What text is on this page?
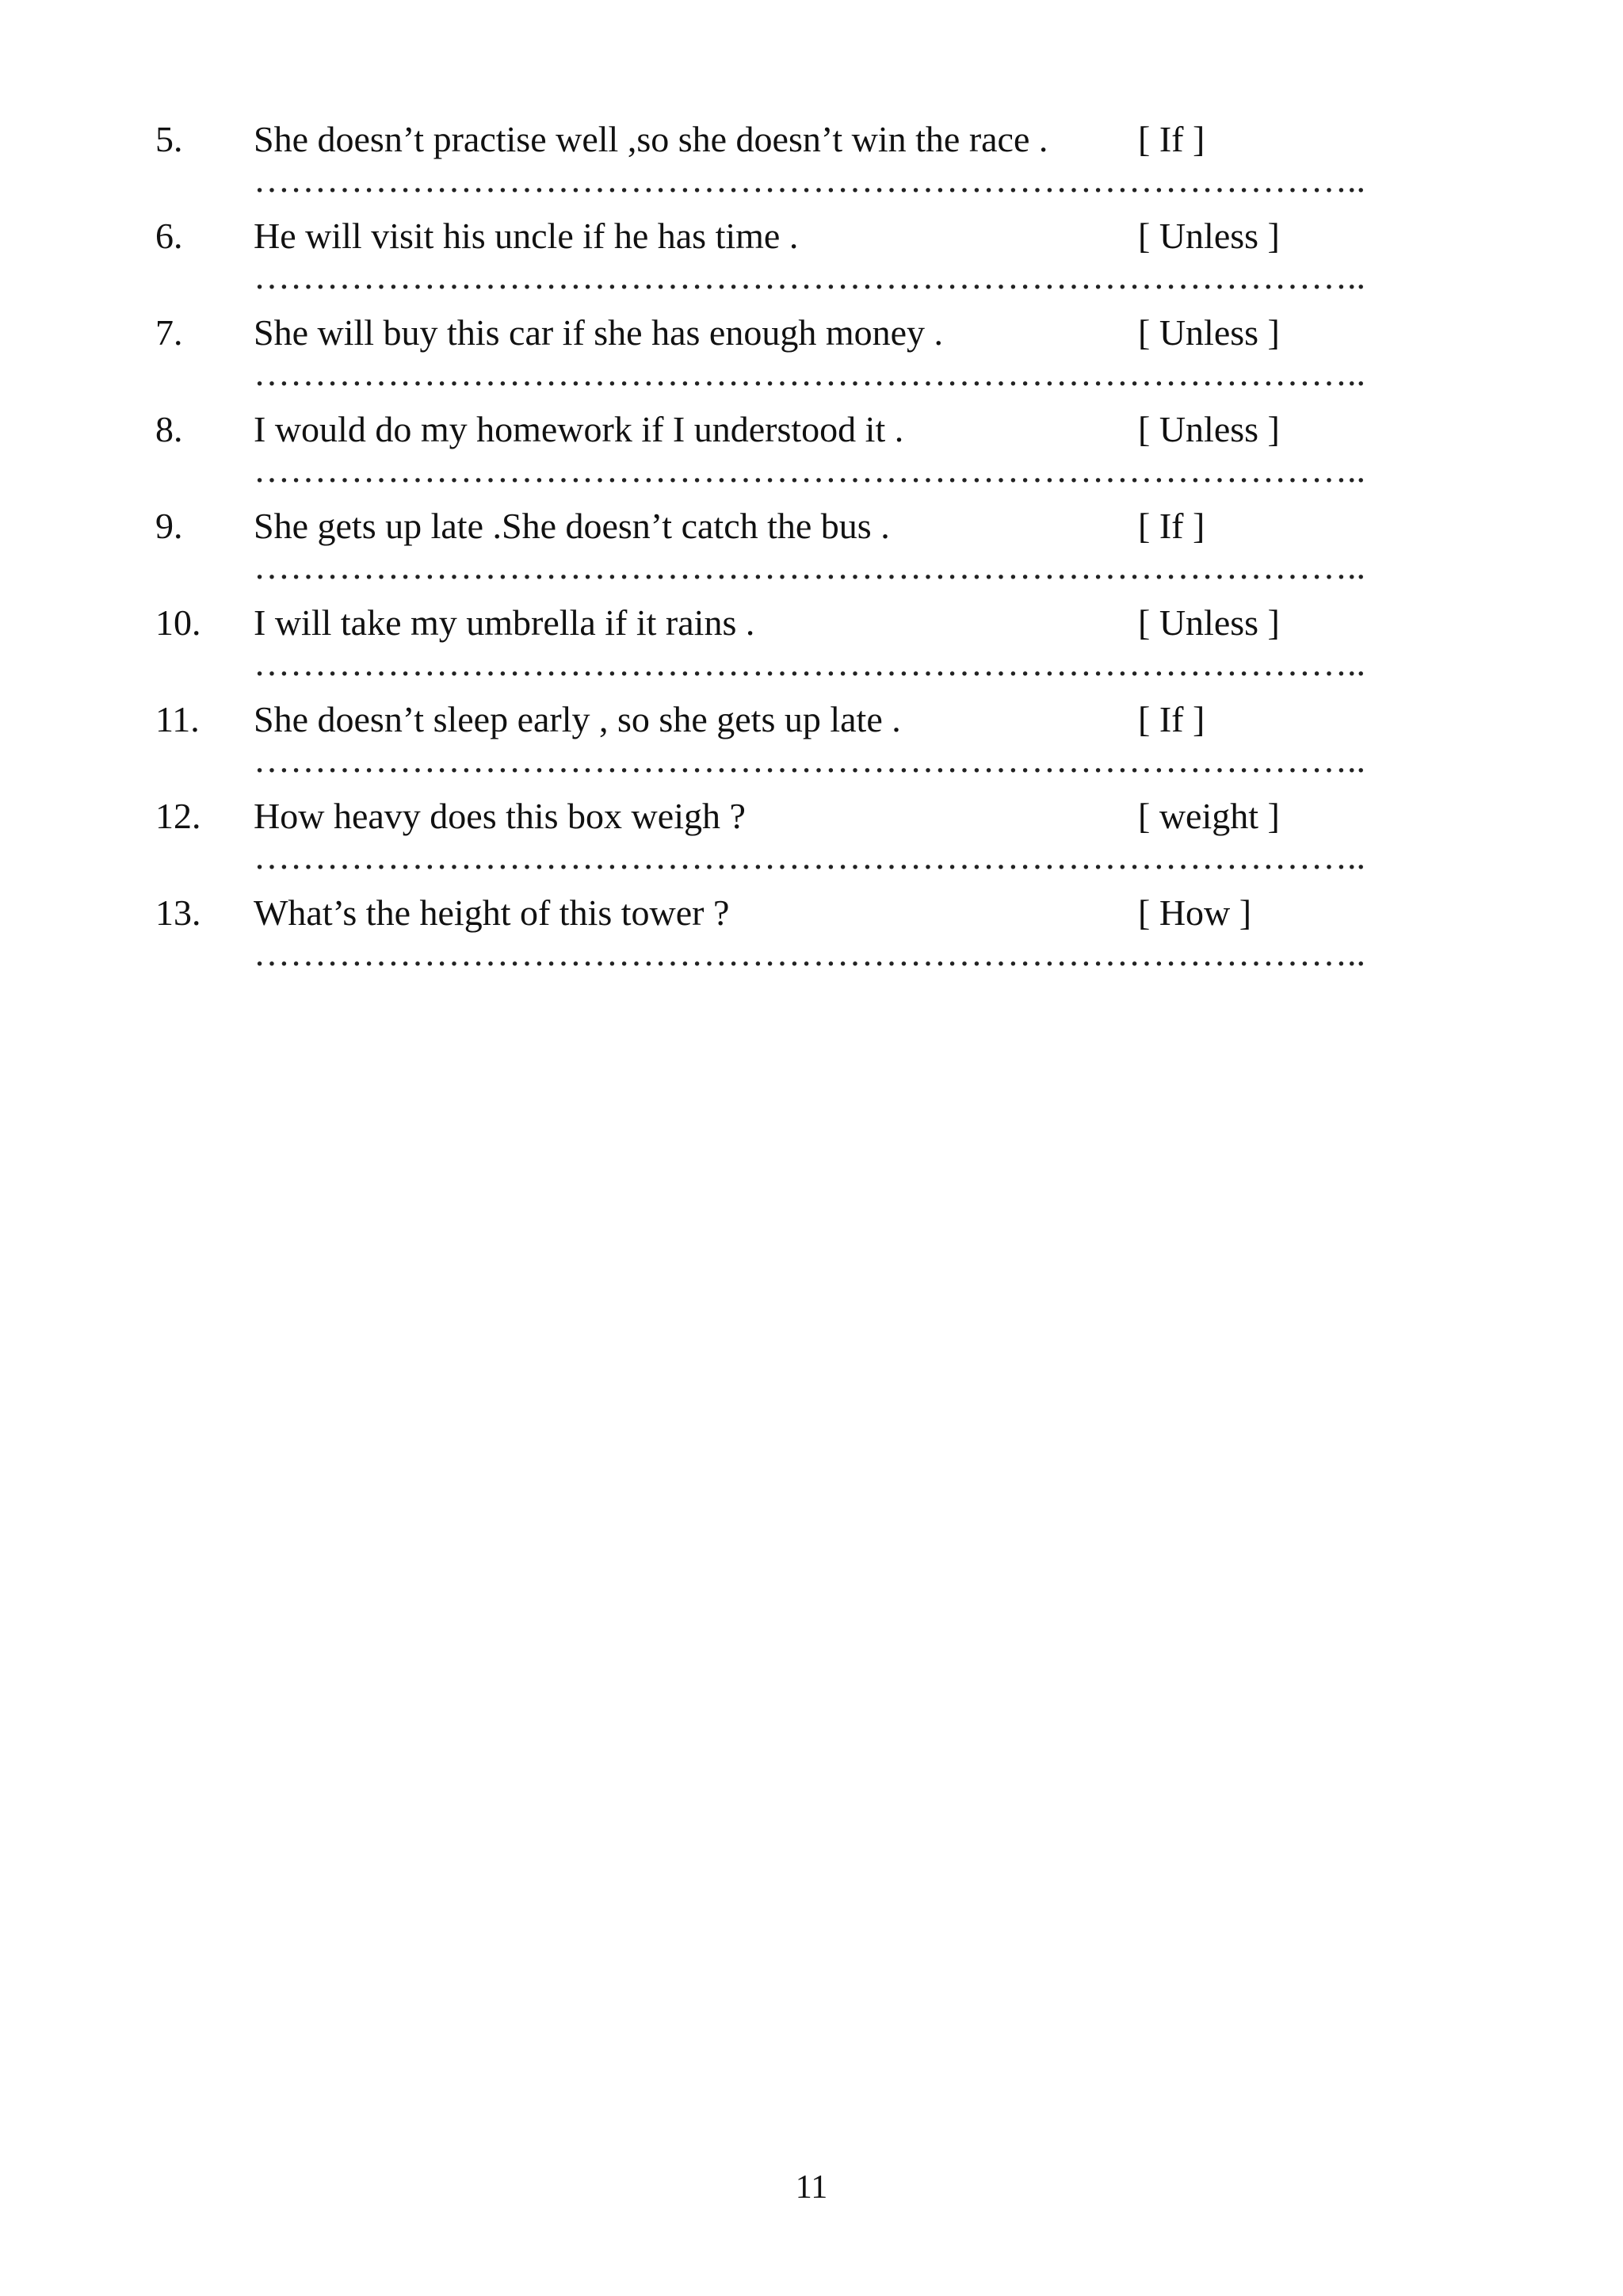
5. She doesn’t practise well ,so she doesn’t win the race . [ If ]
………………………………………………………………………………..
6. He will visit his uncle if he has time .	[ Unless ]
………………………………………………………………………………..
7. She will buy this car if she has enough money .	[ Unless ]
………………………………………………………………………………..
8. I would do my homework if I understood it .	[ Unless ]
………………………………………………………………………………..
9. She gets up late .She doesn’t catch the bus .	[ If ]
………………………………………………………………………………..
10. I will take my umbrella if it rains .	[ Unless ]
………………………………………………………………………………..
11. She doesn’t sleep early , so she gets up late .	[ If ]
………………………………………………………………………………..
12. How heavy does this box weigh ?	[ weight ]
………………………………………………………………………………..
13. What’s the height of this tower ?	[ How ]
………………………………………………………………………………..
11
